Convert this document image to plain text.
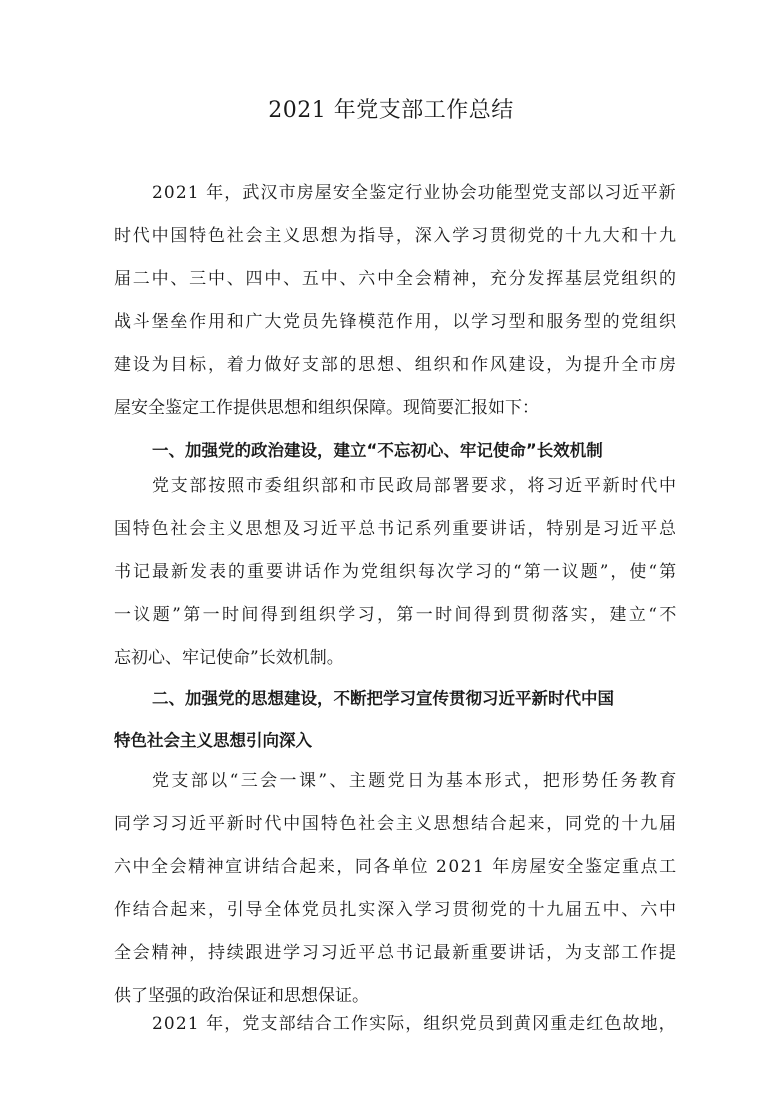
2021 年党支部工作总结
2021 年，武汉市房屋安全鉴定行业协会功能型党支部以习近平新
时代中国特色社会主义思想为指导，深入学习贯彻党的十九大和十九
届二中、三中、四中、五中、六中全会精神，充分发挥基层党组织的
战斗堡垒作用和广大党员先锋模范作用，以学习型和服务型的党组织
建设为目标，着力做好支部的思想、组织和作风建设，为提升全市房
屋安全鉴定工作提供思想和组织保障。现简要汇报如下：
一、加强党的政治建设，建立“不忘初心、牢记使命”长效机制
党支部按照市委组织部和市民政局部署要求，将习近平新时代中
国特色社会主义思想及习近平总书记系列重要讲话，特别是习近平总
书记最新发表的重要讲话作为党组织每次学习的“第一议题”，使“第
一议题”第一时间得到组织学习，第一时间得到贯彻落实，建立“不
忘初心、牢记使命”长效机制。
二、加强党的思想建设，不断把学习宣传贯彻习近平新时代中国
特色社会主义思想引向深入
党支部以“三会一课”、主题党日为基本形式，把形势任务教育
同学习习近平新时代中国特色社会主义思想结合起来，同党的十九届
六中全会精神宣讲结合起来，同各单位 2021 年房屋安全鉴定重点工
作结合起来，引导全体党员扎实深入学习贯彻党的十九届五中、六中
全会精神，持续跟进学习习近平总书记最新重要讲话，为支部工作提
供了坚强的政治保证和思想保证。
2021 年，党支部结合工作实际，组织党员到黄冈重走红色故地，
